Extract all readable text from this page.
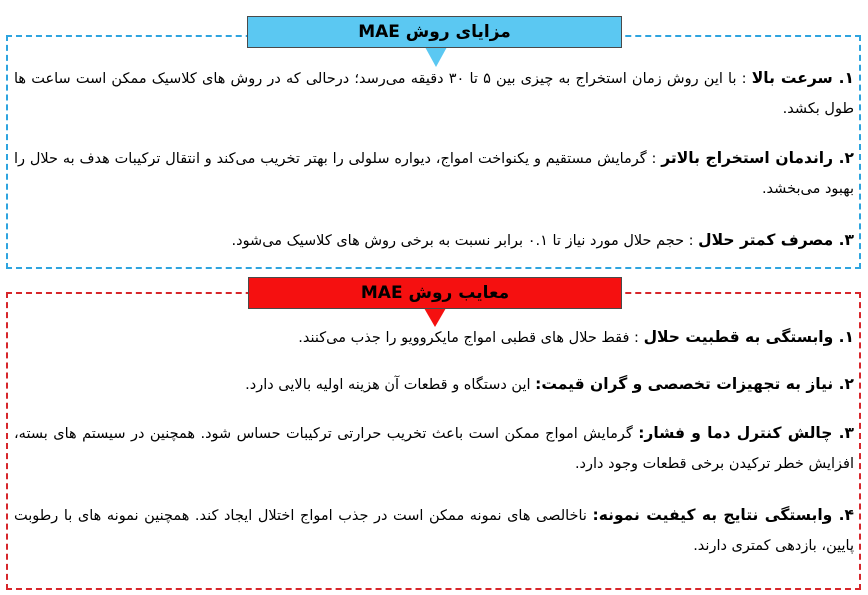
مزایای روش MAE
۱. سرعت بالا : با این روش زمان استخراج به چیزی بین ۵ تا ۳۰ دقیقه می‌رسد؛ درحالی که در روش های کلاسیک ممکن است ساعت ها طول بکشد.
۲. راندمان استخراج بالاتر : گرمایش مستقیم و یکنواخت امواج، دیواره سلولی را بهتر تخریب می‌کند و انتقال ترکیبات هدف به حلال را بهبود می‌بخشد.
۳. مصرف کمتر حلال : حجم حلال مورد نیاز تا ۰.۱ برابر نسبت به برخی روش های کلاسیک می‌شود.
معایب روش MAE
۱. وابستگی به قطبیت حلال : فقط حلال های قطبی امواج مایکروویو را جذب می‌کنند.
۲. نیاز به تجهیزات تخصصی و گران قیمت: این دستگاه و قطعات آن هزینه اولیه بالایی دارد.
۳. چالش کنترل دما و فشار: گرمایش امواج ممکن است باعث تخریب حرارتی ترکیبات حساس شود. همچنین در سیستم های بسته، افزایش خطر ترکیدن برخی قطعات وجود دارد.
۴. وابستگی نتایج به کیفیت نمونه: ناخالصی های نمونه ممکن است در جذب امواج اختلال ایجاد کند. همچنین نمونه های با رطوبت پایین، بازدهی کمتری دارند.
